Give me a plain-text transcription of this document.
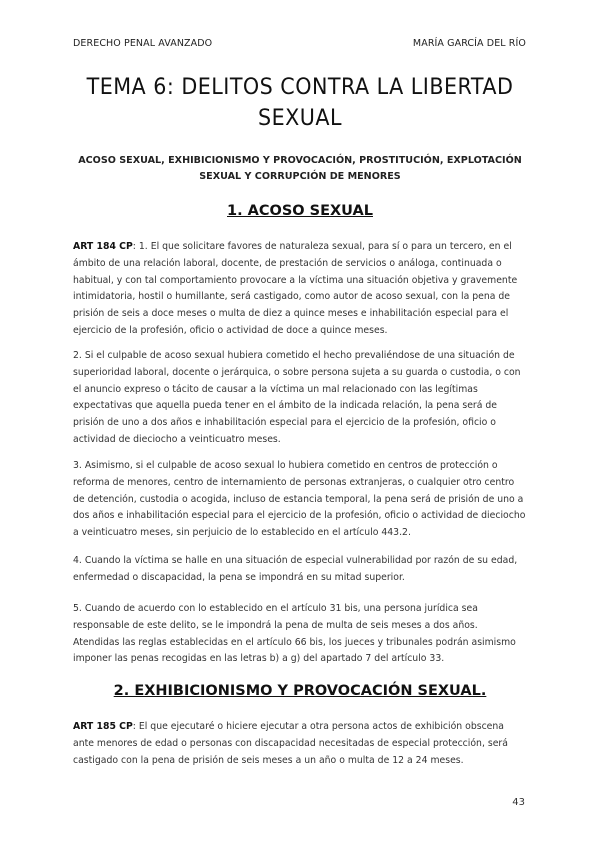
DERECHO PENAL AVANZADO	MARÍA GARCÍA DEL RÍO
TEMA 6: DELITOS CONTRA LA LIBERTAD SEXUAL
ACOSO SEXUAL, EXHIBICIONISMO Y PROVOCACIÓN, PROSTITUCIÓN, EXPLOTACIÓN SEXUAL Y CORRUPCIÓN DE MENORES
1. ACOSO SEXUAL

ART 184 CP: 1. El que solicitare favores de naturaleza sexual, para sí o para un tercero, en el ámbito de una relación laboral, docente, de prestación de servicios o análoga, continuada o habitual, y con tal comportamiento provocare a la víctima una situación objetiva y gravemente intimidatoria, hostil o humillante, será castigado, como autor de acoso sexual, con la pena de prisión de seis a doce meses o multa de diez a quince meses e inhabilitación especial para el ejercicio de la profesión, oficio o actividad de doce a quince meses.

2. Si el culpable de acoso sexual hubiera cometido el hecho prevaliéndose de una situación de superioridad laboral, docente o jerárquica, o sobre persona sujeta a su guarda o custodia, o con el anuncio expreso o tácito de causar a la víctima un mal relacionado con las legítimas expectativas que aquella pueda tener en el ámbito de la indicada relación, la pena será de prisión de uno a dos años e inhabilitación especial para el ejercicio de la profesión, oficio o actividad de dieciocho a veinticuatro meses.

3. Asimismo, si el culpable de acoso sexual lo hubiera cometido en centros de protección o reforma de menores, centro de internamiento de personas extranjeras, o cualquier otro centro de detención, custodia o acogida, incluso de estancia temporal, la pena será de prisión de uno a dos años e inhabilitación especial para el ejercicio de la profesión, oficio o actividad de dieciocho a veinticuatro meses, sin perjuicio de lo establecido en el artículo 443.2.

4. Cuando la víctima se halle en una situación de especial vulnerabilidad por razón de su edad, enfermedad o discapacidad, la pena se impondrá en su mitad superior.

5. Cuando de acuerdo con lo establecido en el artículo 31 bis, una persona jurídica sea responsable de este delito, se le impondrá la pena de multa de seis meses a dos años. Atendidas las reglas establecidas en el artículo 66 bis, los jueces y tribunales podrán asimismo imponer las penas recogidas en las letras b) a g) del apartado 7 del artículo 33.

2. EXHIBICIONISMO Y PROVOCACIÓN SEXUAL.

ART 185 CP: El que ejecutaré o hiciere ejecutar a otra persona actos de exhibición obscena ante menores de edad o personas con discapacidad necesitadas de especial protección, será castigado con la pena de prisión de seis meses a un año o multa de 12 a 24 meses.

43
